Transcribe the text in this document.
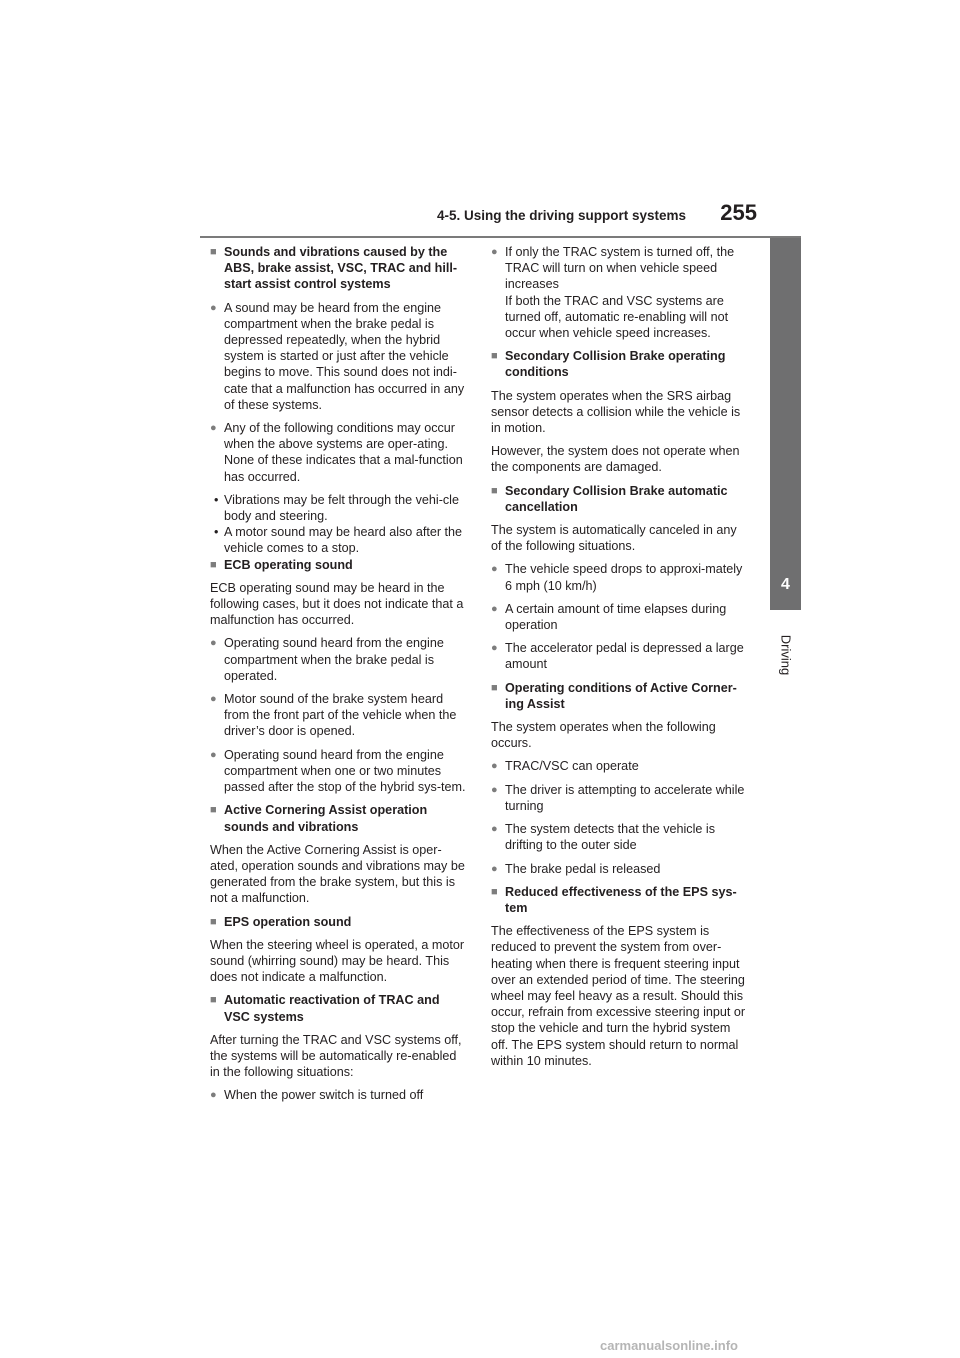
4-5. Using the driving support systems 255
4
Driving
■ Sounds and vibrations caused by the ABS, brake assist, VSC, TRAC and hill-start assist control systems
● A sound may be heard from the engine compartment when the brake pedal is depressed repeatedly, when the hybrid system is started or just after the vehicle begins to move. This sound does not indi-cate that a malfunction has occurred in any of these systems.
● Any of the following conditions may occur when the above systems are oper-ating. None of these indicates that a mal-function has occurred.
• Vibrations may be felt through the vehi-cle body and steering.
• A motor sound may be heard also after the vehicle comes to a stop.
■ ECB operating sound
ECB operating sound may be heard in the following cases, but it does not indicate that a malfunction has occurred.
● Operating sound heard from the engine compartment when the brake pedal is operated.
● Motor sound of the brake system heard from the front part of the vehicle when the driver’s door is opened.
● Operating sound heard from the engine compartment when one or two minutes passed after the stop of the hybrid sys-tem.
■ Active Cornering Assist operation sounds and vibrations
When the Active Cornering Assist is oper-ated, operation sounds and vibrations may be generated from the brake system, but this is not a malfunction.
■ EPS operation sound
When the steering wheel is operated, a motor sound (whirring sound) may be heard. This does not indicate a malfunction.
■ Automatic reactivation of TRAC and VSC systems
After turning the TRAC and VSC systems off, the systems will be automatically re-enabled in the following situations:
● When the power switch is turned off
● If only the TRAC system is turned off, the TRAC will turn on when vehicle speed increases
If both the TRAC and VSC systems are turned off, automatic re-enabling will not occur when vehicle speed increases.
■ Secondary Collision Brake operating conditions
The system operates when the SRS airbag sensor detects a collision while the vehicle is in motion.
However, the system does not operate when the components are damaged.
■ Secondary Collision Brake automatic cancellation
The system is automatically canceled in any of the following situations.
● The vehicle speed drops to approxi-mately 6 mph (10 km/h)
● A certain amount of time elapses during operation
● The accelerator pedal is depressed a large amount
■ Operating conditions of Active Corner-ing Assist
The system operates when the following occurs.
● TRAC/VSC can operate
● The driver is attempting to accelerate while turning
● The system detects that the vehicle is drifting to the outer side
● The brake pedal is released
■ Reduced effectiveness of the EPS sys-tem
The effectiveness of the EPS system is reduced to prevent the system from over-heating when there is frequent steering input over an extended period of time. The steering wheel may feel heavy as a result. Should this occur, refrain from excessive steering input or stop the vehicle and turn the hybrid system off. The EPS system should return to normal within 10 minutes.
carmanualsonline.info
